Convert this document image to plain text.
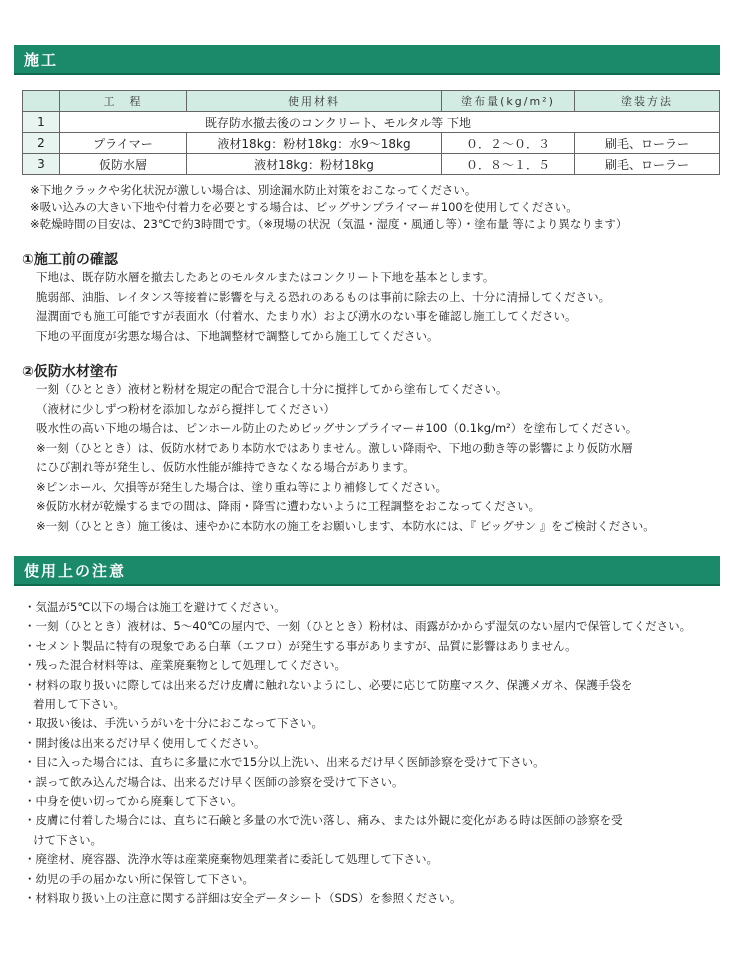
施工
	工　程	使用材料	塗布量(kg/m²)	塗装方法
1	既存防水撤去後のコンクリート、モルタル等 下地			
2	プライマー	液材18kg：粉材18kg：水9～18kg	０．２～０．３	刷毛、ローラー
3	仮防水層	液材18kg：粉材18kg	０．８～１．５	刷毛、ローラー
※下地クラックや劣化状況が激しい場合は、別途漏水防止対策をおこなってください。
※吸い込みの大きい下地や付着力を必要とする場合は、ビッグサンプライマー＃100を使用してください。
※乾燥時間の目安は、23℃で約3時間です。（※現場の状況（気温・湿度・風通し等）・塗布量 等により異なります）
①施工前の確認
下地は、既存防水層を撤去したあとのモルタルまたはコンクリート下地を基本とします。
脆弱部、油脂、レイタンス等接着に影響を与える恐れのあるものは事前に除去の上、十分に清掃してください。
湿潤面でも施工可能ですが表面水（付着水、たまり水）および湧水のない事を確認し施工してください。
下地の平面度が劣悪な場合は、下地調整材で調整してから施工してください。
②仮防水材塗布
一刻（ひととき）液材と粉材を規定の配合で混合し十分に撹拌してから塗布してください。
（液材に少しずつ粉材を添加しながら撹拌してください）
吸水性の高い下地の場合は、ピンホール防止のためビッグサンプライマー＃100（0.1kg/m²）を塗布してください。
※一刻（ひととき）は、仮防水材であり本防水ではありません。激しい降雨や、下地の動き等の影響により仮防水層
にひび割れ等が発生し、仮防水性能が維持できなくなる場合があります。
※ピンホール、欠損等が発生した場合は、塗り重ね等により補修してください。
※仮防水材が乾燥するまでの間は、降雨・降雪に遭わないように工程調整をおこなってください。
※一刻（ひととき）施工後は、速やかに本防水の施工をお願いします、本防水には、『 ビッグサン 』をご検討ください。
使用上の注意
・気温が5℃以下の場合は施工を避けてください。
・一刻（ひととき）液材は、5～40℃の屋内で、一刻（ひととき）粉材は、雨露がかからず湿気のない屋内で保管してください。
・セメント製品に特有の現象である白華（エフロ）が発生する事がありますが、品質に影響はありません。
・残った混合材料等は、産業廃棄物として処理してください。
・材料の取り扱いに際しては出来るだけ皮膚に触れないようにし、必要に応じて防塵マスク、保護メガネ、保護手袋を
着用して下さい。
・取扱い後は、手洗いうがいを十分におこなって下さい。
・開封後は出来るだけ早く使用してください。
・目に入った場合には、直ちに多量に水で15分以上洗い、出来るだけ早く医師診察を受けて下さい。
・誤って飲み込んだ場合は、出来るだけ早く医師の診察を受けて下さい。
・中身を使い切ってから廃棄して下さい。
・皮膚に付着した場合には、直ちに石鹸と多量の水で洗い落し、痛み、または外観に変化がある時は医師の診察を受
けて下さい。
・廃塗材、廃容器、洗浄水等は産業廃棄物処理業者に委託して処理して下さい。
・幼児の手の届かない所に保管して下さい。
・材料取り扱い上の注意に関する詳細は安全データシート（SDS）を参照ください。
